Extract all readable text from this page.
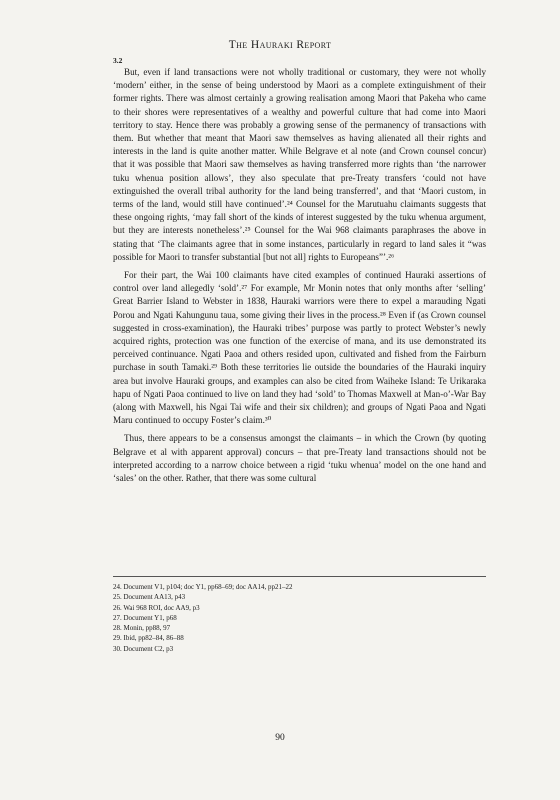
The Hauraki Report
3.2

But, even if land transactions were not wholly traditional or customary, they were not wholly ‘modern’ either, in the sense of being understood by Maori as a complete extinguishment of their former rights. There was almost certainly a growing realisation among Maori that Pakeha who came to their shores were representatives of a wealthy and powerful culture that had come into Maori territory to stay. Hence there was probably a growing sense of the permanency of transactions with them. But whether that meant that Maori saw themselves as having alienated all their rights and interests in the land is quite another matter. While Belgrave et al note (and Crown counsel concur) that it was possible that Maori saw themselves as having transferred more rights than ‘the narrower tuku whenua position allows’, they also speculate that pre-Treaty transfers ‘could not have extinguished the overall tribal authority for the land being transferred’, and that ‘Maori custom, in terms of the land, would still have continued’.²⁴ Counsel for the Marutuahu claimants suggests that these ongoing rights, ‘may fall short of the kinds of interest suggested by the tuku whenua argument, but they are interests nonetheless’.²⁵ Counsel for the Wai 968 claimants paraphrases the above in stating that ‘The claimants agree that in some instances, particularly in regard to land sales it “was possible for Maori to transfer substantial [but not all] rights to Europeans”’.²⁶

For their part, the Wai 100 claimants have cited examples of continued Hauraki assertions of control over land allegedly ‘sold’.²⁷ For example, Mr Monin notes that only months after ‘selling’ Great Barrier Island to Webster in 1838, Hauraki warriors were there to expel a marauding Ngati Porou and Ngati Kahungunu taua, some giving their lives in the process.²⁸ Even if (as Crown counsel suggested in cross-examination), the Hauraki tribes’ purpose was partly to protect Webster’s newly acquired rights, protection was one function of the exercise of mana, and its use demonstrated its perceived continuance. Ngati Paoa and others resided upon, cultivated and fished from the Fairburn purchase in south Tamaki.²⁹ Both these territories lie outside the boundaries of the Hauraki inquiry area but involve Hauraki groups, and examples can also be cited from Waiheke Island: Te Urikaraka hapu of Ngati Paoa continued to live on land they had ‘sold’ to Thomas Maxwell at Man-o’-War Bay (along with Maxwell, his Ngai Tai wife and their six children); and groups of Ngati Paoa and Ngati Maru continued to occupy Foster’s claim.³⁰

Thus, there appears to be a consensus amongst the claimants – in which the Crown (by quoting Belgrave et al with apparent approval) concurs – that pre-Treaty land transactions should not be interpreted according to a narrow choice between a rigid ‘tuku whenua’ model on the one hand and ‘sales’ on the other. Rather, that there was some cultural

24. Document V1, p104; doc Y1, pp68–69; doc AA14, pp21–22
25. Document AA13, p43
26. Wai 968 ROI, doc AA9, p3
27. Document Y1, p68
28. Monin, pp88, 97
29. Ibid, pp82–84, 86–88
30. Document C2, p3
90
